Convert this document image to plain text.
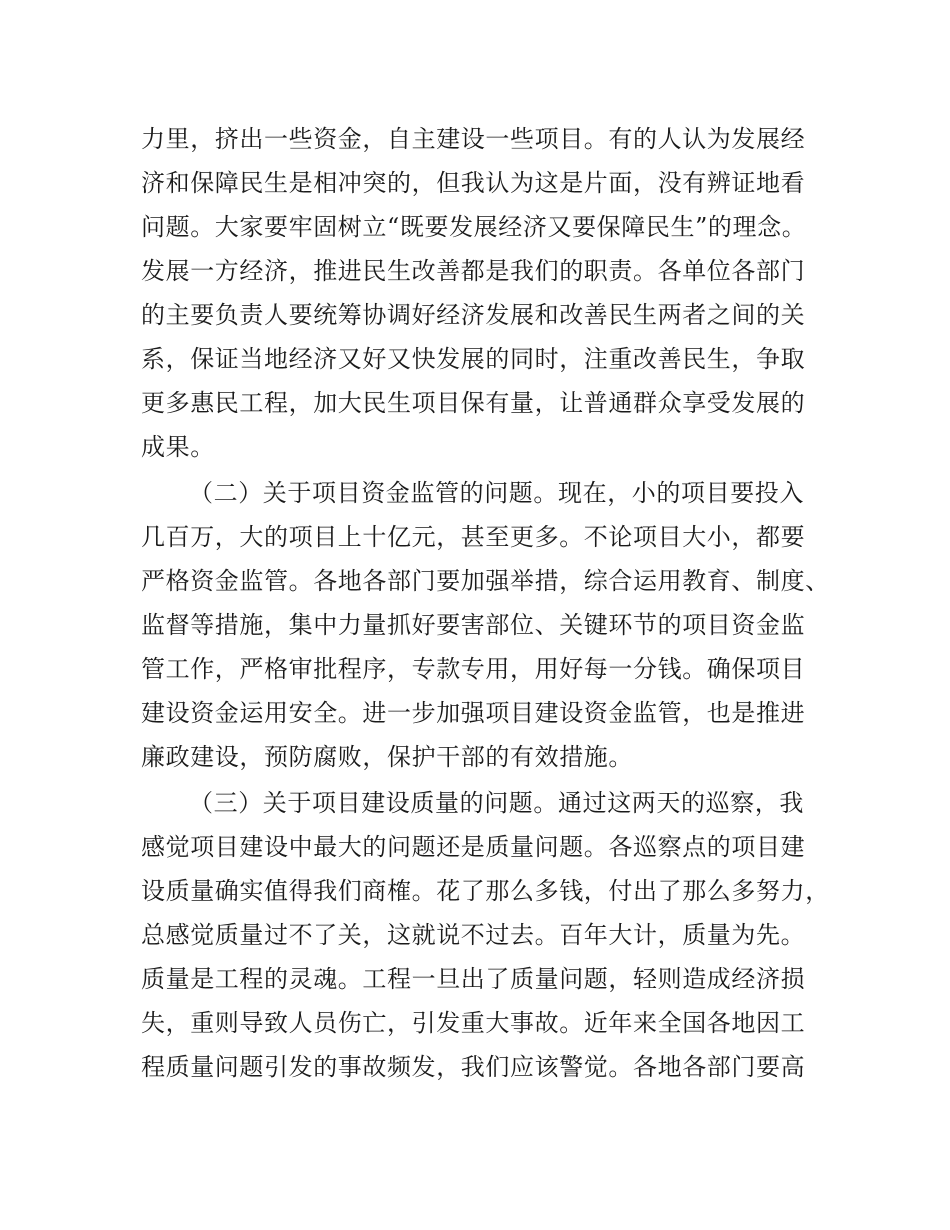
力里，挤出一些资金，自主建设一些项目。有的人认为发展经
济和保障民生是相冲突的，但我认为这是片面，没有辨证地看
问题。大家要牢固树立“既要发展经济又要保障民生”的理念。
发展一方经济，推进民生改善都是我们的职责。各单位各部门
的主要负责人要统筹协调好经济发展和改善民生两者之间的关
系，保证当地经济又好又快发展的同时，注重改善民生，争取
更多惠民工程，加大民生项目保有量，让普通群众享受发展的
成果。
（二）关于项目资金监管的问题。现在，小的项目要投入
几百万，大的项目上十亿元，甚至更多。不论项目大小，都要
严格资金监管。各地各部门要加强举措，综合运用教育、制度、
监督等措施，集中力量抓好要害部位、关键环节的项目资金监
管工作，严格审批程序，专款专用，用好每一分钱。确保项目
建设资金运用安全。进一步加强项目建设资金监管，也是推进
廉政建设，预防腐败，保护干部的有效措施。
（三）关于项目建设质量的问题。通过这两天的巡察，我
感觉项目建设中最大的问题还是质量问题。各巡察点的项目建
设质量确实值得我们商榷。花了那么多钱，付出了那么多努力，
总感觉质量过不了关，这就说不过去。百年大计，质量为先。
质量是工程的灵魂。工程一旦出了质量问题，轻则造成经济损
失，重则导致人员伤亡，引发重大事故。近年来全国各地因工
程质量问题引发的事故频发，我们应该警觉。各地各部门要高
